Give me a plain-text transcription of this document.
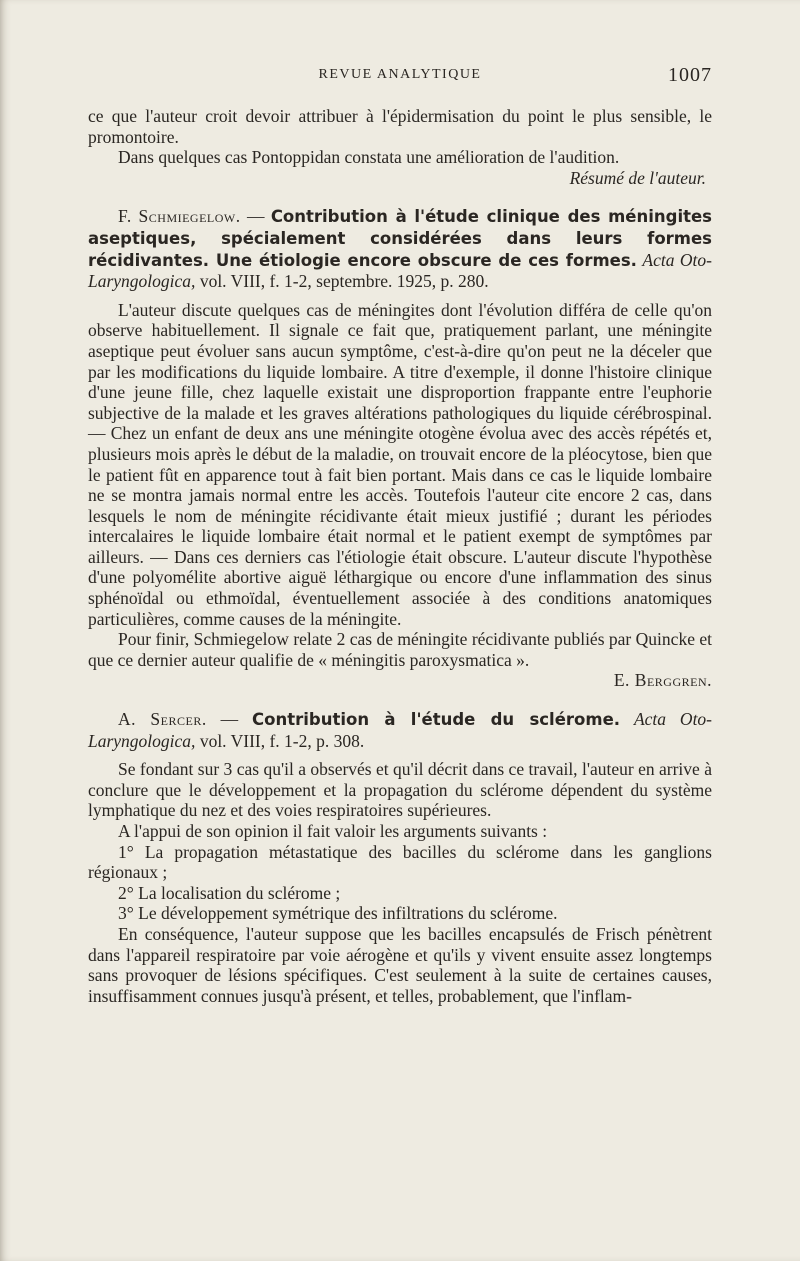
REVUE ANALYTIQUE	1007

ce que l'auteur croit devoir attribuer à l'épidermisation du point le plus sensible, le promontoire.

Dans quelques cas Pontoppidan constata une amélioration de l'audition.

Résumé de l'auteur.

F. Schmiegelow. — Contribution à l'étude clinique des méningites aseptiques, spécialement considérées dans leurs formes récidivantes. Une étiologie encore obscure de ces formes. Acta Oto-Laryngologica, vol. VIII, f. 1-2, septembre. 1925, p. 280.

L'auteur discute quelques cas de méningites dont l'évolution différa de celle qu'on observe habituellement. Il signale ce fait que, pratiquement parlant, une méningite aseptique peut évoluer sans aucun symptôme, c'est-à-dire qu'on peut ne la déceler que par les modifications du liquide lombaire. A titre d'exemple, il donne l'histoire clinique d'une jeune fille, chez laquelle existait une disproportion frappante entre l'euphorie subjective de la malade et les graves altérations pathologiques du liquide cérébrospinal. — Chez un enfant de deux ans une méningite otogène évolua avec des accès répétés et, plusieurs mois après le début de la maladie, on trouvait encore de la pléocytose, bien que le patient fût en apparence tout à fait bien portant. Mais dans ce cas le liquide lombaire ne se montra jamais normal entre les accès. Toutefois l'auteur cite encore 2 cas, dans lesquels le nom de méningite récidivante était mieux justifié ; durant les périodes intercalaires le liquide lombaire était normal et le patient exempt de symptômes par ailleurs. — Dans ces derniers cas l'étiologie était obscure. L'auteur discute l'hypothèse d'une polyomélite abortive aiguë léthargique ou encore d'une inflammation des sinus sphénoïdal ou ethmoïdal, éventuellement associée à des conditions anatomiques particulières, comme causes de la méningite.

Pour finir, Schmiegelow relate 2 cas de méningite récidivante publiés par Quincke et que ce dernier auteur qualifie de « méningitis paroxysmatica ».

E. Berggren.

A. Sercer. — Contribution à l'étude du sclérome. Acta Oto-Laryngologica, vol. VIII, f. 1-2, p. 308.

Se fondant sur 3 cas qu'il a observés et qu'il décrit dans ce travail, l'auteur en arrive à conclure que le développement et la propagation du sclérome dépendent du système lymphatique du nez et des voies respiratoires supérieures.

A l'appui de son opinion il fait valoir les arguments suivants :

1° La propagation métastatique des bacilles du sclérome dans les ganglions régionaux ;

2° La localisation du sclérome ;

3° Le développement symétrique des infiltrations du sclérome.

En conséquence, l'auteur suppose que les bacilles encapsulés de Frisch pénètrent dans l'appareil respiratoire par voie aérogène et qu'ils y vivent ensuite assez longtemps sans provoquer de lésions spécifiques. C'est seulement à la suite de certaines causes, insuffisamment connues jusqu'à présent, et telles, probablement, que l'inflam-
